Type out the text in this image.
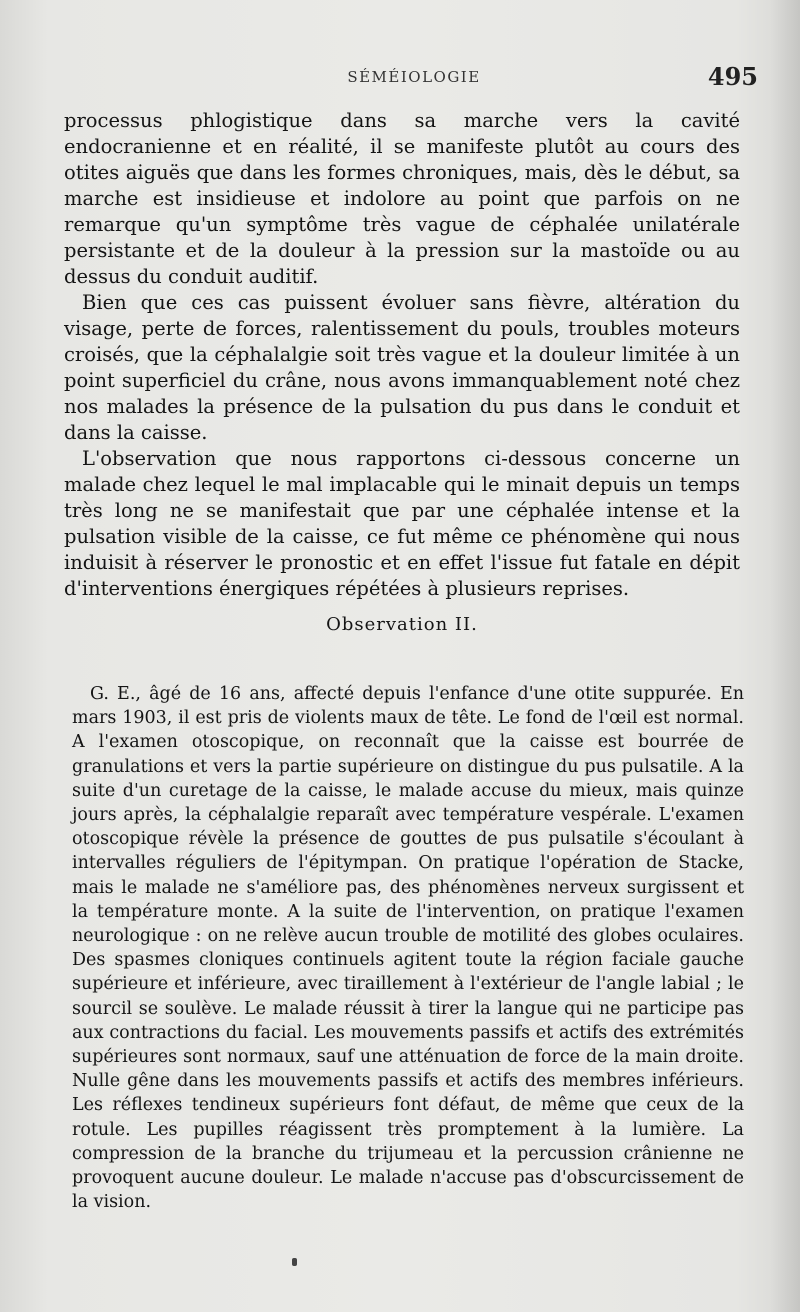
SÉMÉIOLOGIE	495

processus phlogistique dans sa marche vers la cavité endocranienne et en réalité, il se manifeste plutôt au cours des otites aiguës que dans les formes chroniques, mais, dès le début, sa marche est insidieuse et indolore au point que parfois on ne remarque qu'un symptôme très vague de céphalée unilatérale persistante et de la douleur à la pression sur la mastoïde ou au dessus du conduit auditif.

Bien que ces cas puissent évoluer sans fièvre, altération du visage, perte de forces, ralentissement du pouls, troubles moteurs croisés, que la céphalalgie soit très vague et la douleur limitée à un point superficiel du crâne, nous avons immanquablement noté chez nos malades la présence de la pulsation du pus dans le conduit et dans la caisse.

L'observation que nous rapportons ci-dessous concerne un malade chez lequel le mal implacable qui le minait depuis un temps très long ne se manifestait que par une céphalée intense et la pulsation visible de la caisse, ce fut même ce phénomène qui nous induisit à réserver le pronostic et en effet l'issue fut fatale en dépit d'interventions énergiques répétées à plusieurs reprises.

Observation II.

G. E., âgé de 16 ans, affecté depuis l'enfance d'une otite suppurée. En mars 1903, il est pris de violents maux de tête. Le fond de l'œil est normal. A l'examen otoscopique, on reconnaît que la caisse est bourrée de granulations et vers la partie supérieure on distingue du pus pulsatile. A la suite d'un curetage de la caisse, le malade accuse du mieux, mais quinze jours après, la céphalalgie reparaît avec température vespérale. L'examen otoscopique révèle la présence de gouttes de pus pulsatile s'écoulant à intervalles réguliers de l'épitympan. On pratique l'opération de Stacke, mais le malade ne s'améliore pas, des phénomènes nerveux surgissent et la température monte. A la suite de l'intervention, on pratique l'examen neurologique : on ne relève aucun trouble de motilité des globes oculaires. Des spasmes cloniques continuels agitent toute la région faciale gauche supérieure et inférieure, avec tiraillement à l'extérieur de l'angle labial ; le sourcil se soulève. Le malade réussit à tirer la langue qui ne participe pas aux contractions du facial. Les mouvements passifs et actifs des extrémités supérieures sont normaux, sauf une atténuation de force de la main droite. Nulle gêne dans les mouvements passifs et actifs des membres inférieurs. Les réflexes tendineux supérieurs font défaut, de même que ceux de la rotule. Les pupilles réagissent très promptement à la lumière. La compression de la branche du trijumeau et la percussion crânienne ne provoquent aucune douleur. Le malade n'accuse pas d'obscurcissement de la vision.
